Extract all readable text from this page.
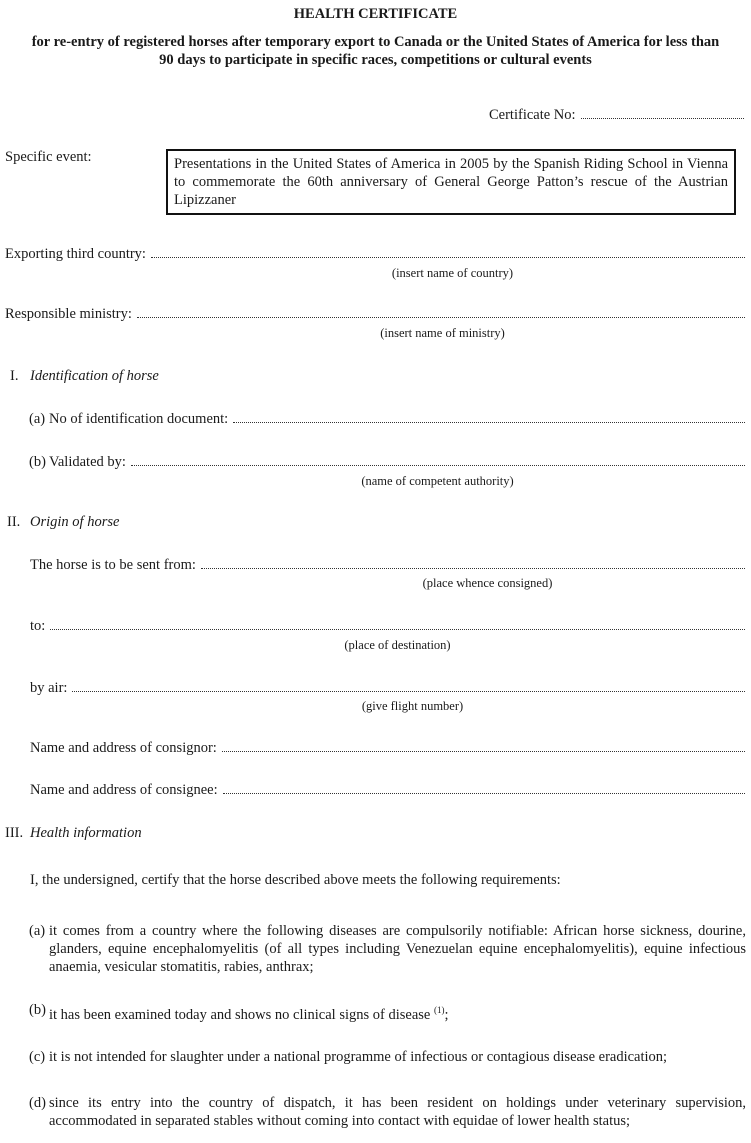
HEALTH CERTIFICATE
for re-entry of registered horses after temporary export to Canada or the United States of America for less than
90 days to participate in specific races, competitions or cultural events
Certificate No:
Specific event:	Presentations in the United States of America in 2005 by the Spanish Riding School in Vienna to commemorate the 60th anniversary of General George Patton’s rescue of the Austrian Lipizzaner
Exporting third country:
(insert name of country)
Responsible ministry:
(insert name of ministry)
I. Identification of horse
(a) No of identification document:
(b) Validated by:
(name of competent authority)
II. Origin of horse
The horse is to be sent from:
(place whence consigned)
to:
(place of destination)
by air:
(give flight number)
Name and address of consignor:
Name and address of consignee:
III. Health information
I, the undersigned, certify that the horse described above meets the following requirements:
(a) it comes from a country where the following diseases are compulsorily notifiable: African horse sickness, dourine, glanders, equine encephalomyelitis (of all types including Venezuelan equine encephalomyelitis), equine infectious anaemia, vesicular stomatitis, rabies, anthrax;
(b) it has been examined today and shows no clinical signs of disease $^{(1)}$;
(c) it is not intended for slaughter under a national programme of infectious or contagious disease eradication;
(d) since its entry into the country of dispatch, it has been resident on holdings under veterinary supervision, accommodated in separated stables without coming into contact with equidae of lower health status;
